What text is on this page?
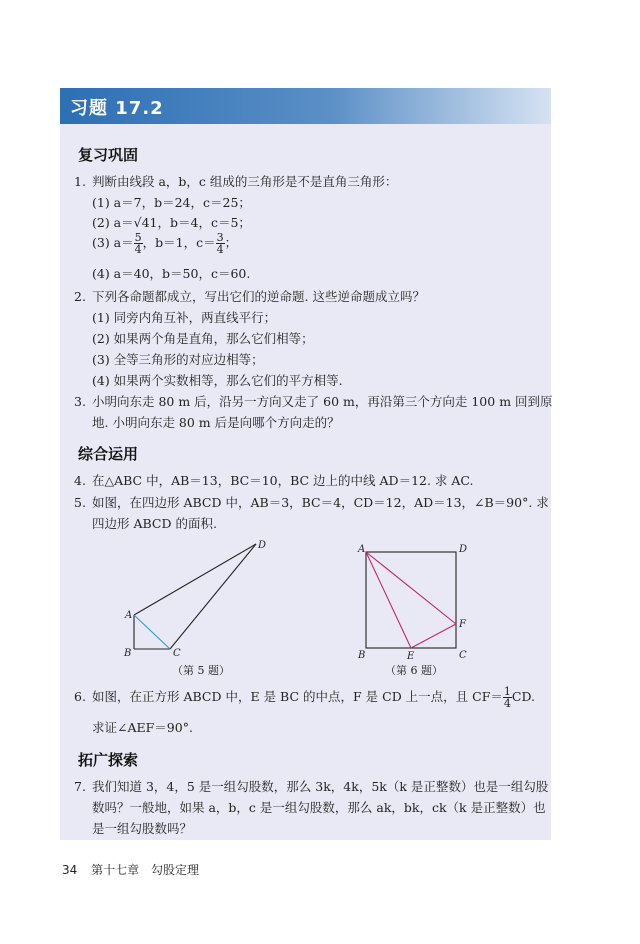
习题 17.2
复习巩固
1. 判断由线段 a，b，c 组成的三角形是不是直角三角形：
(1) a＝7，b＝24，c＝25；
(2) a＝√41，b＝4，c＝5；
(3) $a= \frac{5}{4}$ ，b＝1，$c= \frac{3}{4}$ ；
(4) a＝40，b＝50，c＝60.
2. 下列各命题都成立，写出它们的逆命题. 这些逆命题成立吗？
(1) 同旁内角互补，两直线平行；
(2) 如果两个角是直角，那么它们相等；
(3) 全等三角形的对应边相等；
(4) 如果两个实数相等，那么它们的平方相等.
3. 小明向东走 80 m 后，沿另一方向又走了 60 m，再沿第三个方向走 100 m 回到原
地. 小明向东走 80 m 后是向哪个方向走的？
综合运用
4. 在△ABC 中，AB＝13，BC＝10，BC 边上的中线 AD＝12. 求 AC.
5. 如图，在四边形 ABCD 中，AB＝3，BC＝4，CD＝12，AD＝13，∠B＝90°. 求
四边形 ABCD 的面积.
A
B	C
D
（第 5 题）
A	D
B	E	C
F
（第 6 题）
6. 如图，在正方形 ABCD 中，E 是 BC 的中点，F 是 CD 上一点，且 $CF= \frac{1}{4}$ CD.
求证∠AEF＝90°.
拓广探索
7. 我们知道 3，4，5 是一组勾股数，那么 3k，4k，5k（k 是正整数）也是一组勾股
数吗？一般地，如果 a，b，c 是一组勾股数，那么 ak，bk，ck（k 是正整数）也
是一组勾股数吗？
34 第十七章 勾股定理
